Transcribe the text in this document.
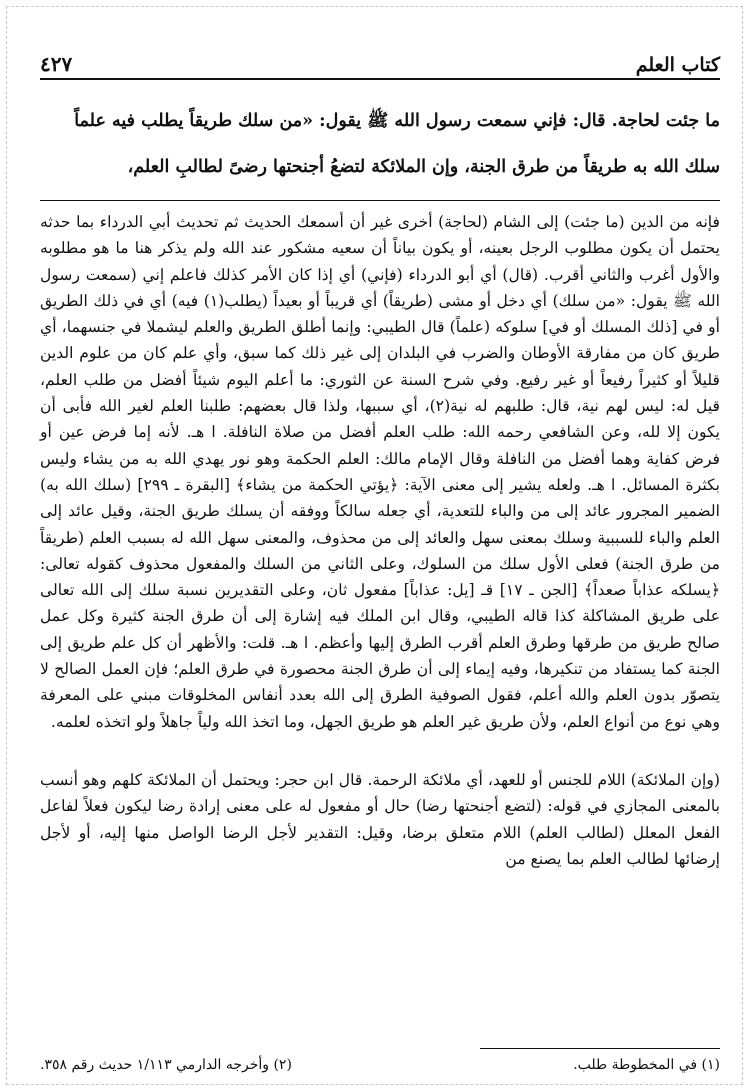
كتاب العلم
٤٢٧

ما جئت لحاجة. قال: فإني سمعت رسول الله ﷺ يقول: «من سلك طريقاً يطلب فيه علماً

سلك الله به طريقاً من طرق الجنة، وإن الملائكة لتضعُ أجنحتها رضىً لطالبِ العلم،

فإنه من الدين (ما جئت) إلى الشام (لحاجة) أخرى غير أن أسمعك الحديث ثم تحديث أبي الدرداء بما حدثه يحتمل أن يكون مطلوب الرجل بعينه، أو يكون بياناً أن سعيه مشكور عند الله ولم يذكر هنا ما هو مطلوبه والأول أغرب والثاني أقرب. (قال) أي أبو الدرداء (فإني) أي إذا كان الأمر كذلك فاعلم إني (سمعت رسول الله ﷺ يقول: «من سلك) أي دخل أو مشى (طريقاً) أي قريباً أو بعيداً (يطلب(١) فيه) أي في ذلك الطريق أو في [ذلك المسلك أو في] سلوكه (علماً) قال الطيبي: وإنما أطلق الطريق والعلم ليشملا في جنسهما، أي طريق كان من مفارقة الأوطان والضرب في البلدان إلى غير ذلك كما سبق، وأي علم كان من علوم الدين قليلاً أو كثيراً رفيعاً أو غير رفيع. وفي شرح السنة عن الثوري: ما أعلم اليوم شيئاً أفضل من طلب العلم، قيل له: ليس لهم نية، قال: طلبهم له نية(٢)، أي سببها، ولذا قال بعضهم: طلبنا العلم لغير الله فأبى أن يكون إلا لله، وعن الشافعي رحمه الله: طلب العلم أفضل من صلاة النافلة. ا هـ. لأنه إما فرض عين أو فرض كفاية وهما أفضل من النافلة وقال الإمام مالك: العلم الحكمة وهو نور يهدي الله به من يشاء وليس بكثرة المسائل. ا هـ. ولعله يشير إلى معنى الآية: ﴿يؤتي الحكمة من يشاء﴾ [البقرة ـ ٢٩٩] (سلك الله به) الضمير المجرور عائد إلى من والباء للتعدية، أي جعله سالكاً ووفقه أن يسلك طريق الجنة، وقيل عائد إلى العلم والباء للسببية وسلك بمعنى سهل والعائد إلى من محذوف، والمعنى سهل الله له بسبب العلم (طريقاً من طرق الجنة) فعلى الأول سلك من السلوك، وعلى الثاني من السلك والمفعول محذوف كقوله تعالى: ﴿يسلكه عذاباً صعداً﴾ [الجن ـ ١٧] قـ [يل: عذاباً] مفعول ثان، وعلى التقديرين نسبة سلك إلى الله تعالى على طريق المشاكلة كذا قاله الطيبي، وقال ابن الملك فيه إشارة إلى أن طرق الجنة كثيرة وكل عمل صالح طريق من طرقها وطرق العلم أقرب الطرق إليها وأعظم. ا هـ. قلت: والأظهر أن كل علم طريق إلى الجنة كما يستفاد من تنكيرها، وفيه إيماء إلى أن طرق الجنة محصورة في طرق العلم؛ فإن العمل الصالح لا يتصوّر بدون العلم والله أعلم، فقول الصوفية الطرق إلى الله بعدد أنفاس المخلوقات مبني على المعرفة وهي نوع من أنواع العلم، ولأن طريق غير العلم هو طريق الجهل، وما اتخذ الله ولياً جاهلاً ولو اتخذه لعلمه.

(وإن الملائكة) اللام للجنس أو للعهد، أي ملائكة الرحمة. قال ابن حجر: ويحتمل أن الملائكة كلهم وهو أنسب بالمعنى المجازي في قوله: (لتضع أجنحتها رضا) حال أو مفعول له على معنى إرادة رضا ليكون فعلاً لفاعل الفعل المعلل (لطالب العلم) اللام متعلق برضا، وقيل: التقدير لأجل الرضا الواصل منها إليه، أو لأجل إرضائها لطالب العلم بما يصنع من

(١) في المخطوطة طلب.
(٢) وأخرجه الدارمي ١/١١٣ حديث رقم ٣٥٨.
